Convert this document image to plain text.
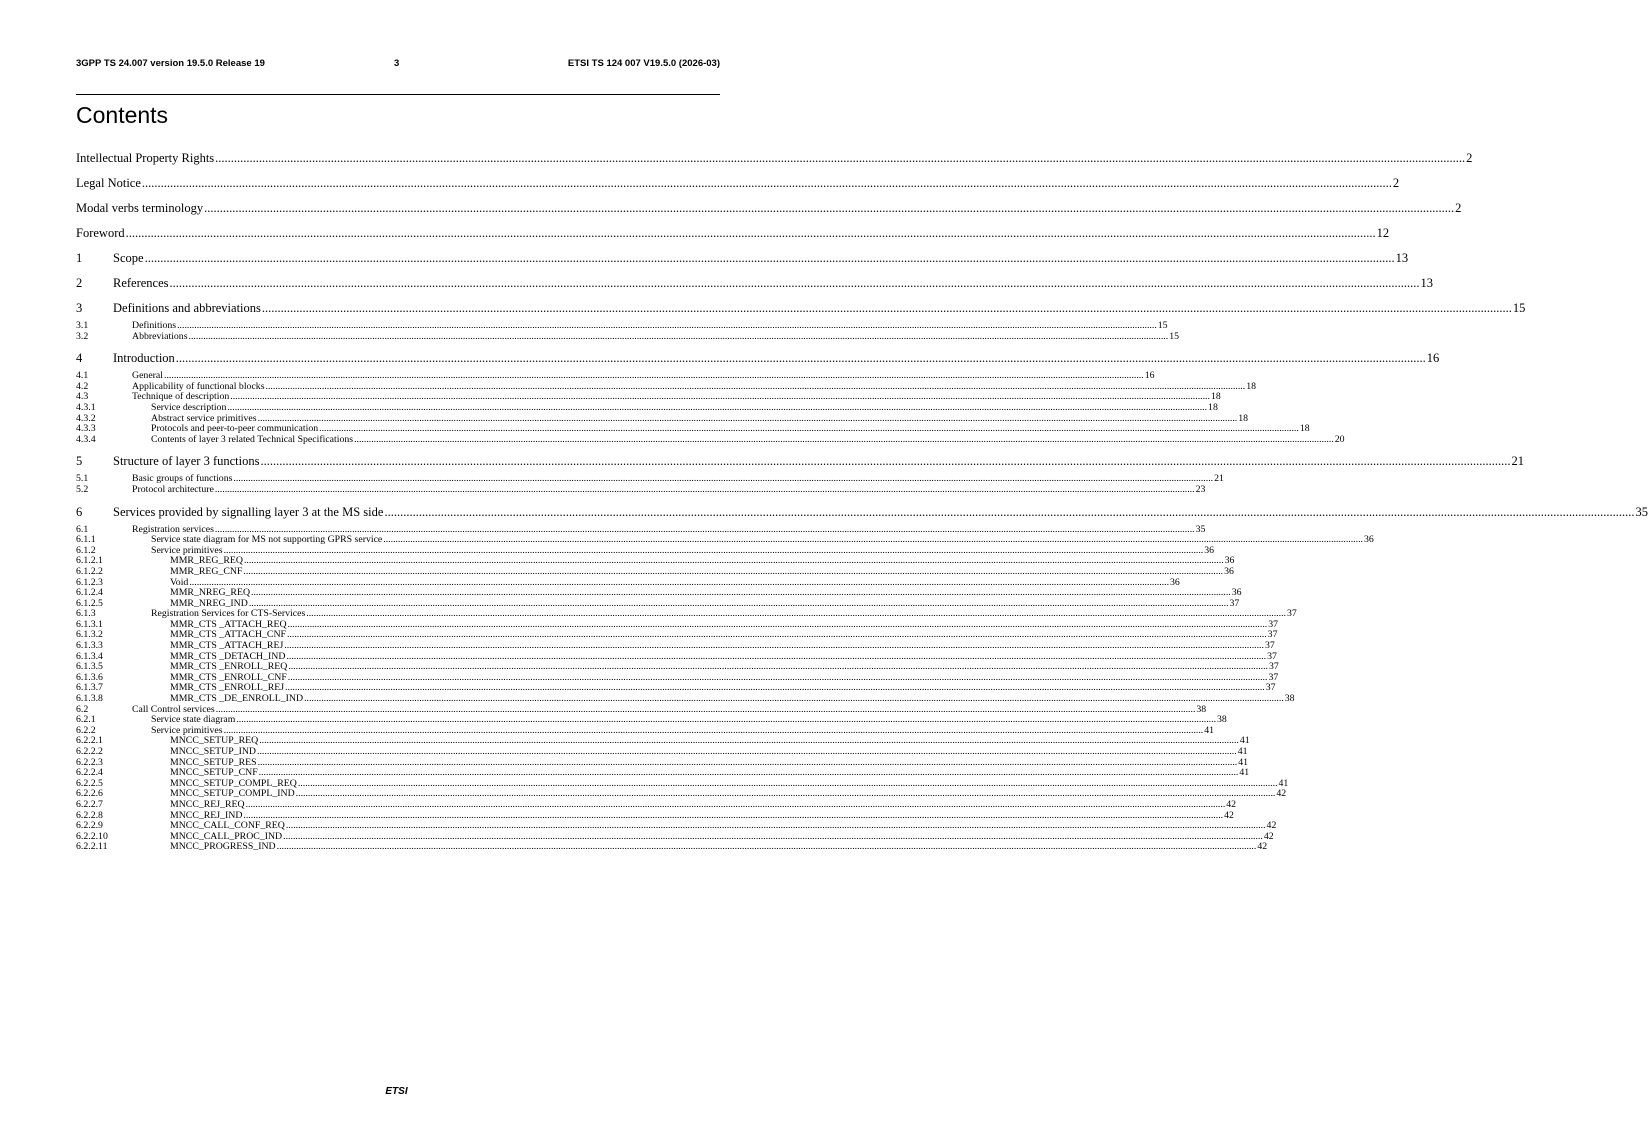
3GPP TS 24.007 version 19.5.0 Release 19	3	ETSI TS 124 007 V19.5.0 (2026-03)
Contents
Intellectual Property Rights ................................................................................................................................................................................................................................................................................................................................................................................................................ 2
Legal Notice ................................................................................................................................................................................................................................................................................................................................................................................................................ 2
Modal verbs terminology ................................................................................................................................................................................................................................................................................................................................................................................................................ 2
Foreword ................................................................................................................................................................................................................................................................................................................................................................................................................ 12
1 Scope ................................................................................................................................................................................................................................................................................................................................................................................................................ 13
2 References ................................................................................................................................................................................................................................................................................................................................................................................................................ 13
3 Definitions and abbreviations ................................................................................................................................................................................................................................................................................................................................................................................................................ 15
3.1	Definitions ................................................................................................................................................................................................................................................................................................................................................................................................................ 15
3.2	Abbreviations ................................................................................................................................................................................................................................................................................................................................................................................................................ 15
4 Introduction ................................................................................................................................................................................................................................................................................................................................................................................................................ 16
4.1	General ................................................................................................................................................................................................................................................................................................................................................................................................................ 16
4.2	Applicability of functional blocks ................................................................................................................................................................................................................................................................................................................................................................................................................ 18
4.3	Technique of description ................................................................................................................................................................................................................................................................................................................................................................................................................ 18
4.3.1	Service description ................................................................................................................................................................................................................................................................................................................................................................................................................ 18
4.3.2	Abstract service primitives ................................................................................................................................................................................................................................................................................................................................................................................................................ 18
4.3.3	Protocols and peer-to-peer communication ................................................................................................................................................................................................................................................................................................................................................................................................................ 18
4.3.4	Contents of layer 3 related Technical Specifications ................................................................................................................................................................................................................................................................................................................................................................................................................ 20
5 Structure of layer 3 functions ................................................................................................................................................................................................................................................................................................................................................................................................................ 21
5.1	Basic groups of functions ................................................................................................................................................................................................................................................................................................................................................................................................................ 21
5.2	Protocol architecture ................................................................................................................................................................................................................................................................................................................................................................................................................ 23
6 Services provided by signalling layer 3 at the MS side ................................................................................................................................................................................................................................................................................................................................................................................................................ 35
6.1	Registration services ................................................................................................................................................................................................................................................................................................................................................................................................................ 35
6.1.1	Service state diagram for MS not supporting GPRS service ................................................................................................................................................................................................................................................................................................................................................................................................................ 36
6.1.2	Service primitives ................................................................................................................................................................................................................................................................................................................................................................................................................ 36
6.1.2.1	MMR_REG_REQ ................................................................................................................................................................................................................................................................................................................................................................................................................ 36
6.1.2.2	MMR_REG_CNF ................................................................................................................................................................................................................................................................................................................................................................................................................ 36
6.1.2.3	Void ................................................................................................................................................................................................................................................................................................................................................................................................................ 36
6.1.2.4	MMR_NREG_REQ ................................................................................................................................................................................................................................................................................................................................................................................................................ 36
6.1.2.5	MMR_NREG_IND ................................................................................................................................................................................................................................................................................................................................................................................................................ 37
6.1.3	Registration Services for CTS-Services ................................................................................................................................................................................................................................................................................................................................................................................................................ 37
6.1.3.1	MMR_CTS _ATTACH_REQ ................................................................................................................................................................................................................................................................................................................................................................................................................ 37
6.1.3.2	MMR_CTS _ATTACH_CNF ................................................................................................................................................................................................................................................................................................................................................................................................................ 37
6.1.3.3	MMR_CTS _ATTACH_REJ ................................................................................................................................................................................................................................................................................................................................................................................................................ 37
6.1.3.4	MMR_CTS _DETACH_IND ................................................................................................................................................................................................................................................................................................................................................................................................................ 37
6.1.3.5	MMR_CTS _ENROLL_REQ ................................................................................................................................................................................................................................................................................................................................................................................................................ 37
6.1.3.6	MMR_CTS _ENROLL_CNF ................................................................................................................................................................................................................................................................................................................................................................................................................ 37
6.1.3.7	MMR_CTS _ENROLL_REJ ................................................................................................................................................................................................................................................................................................................................................................................................................ 37
6.1.3.8	MMR_CTS _DE_ENROLL_IND ................................................................................................................................................................................................................................................................................................................................................................................................................ 38
6.2	Call Control services ................................................................................................................................................................................................................................................................................................................................................................................................................ 38
6.2.1	Service state diagram ................................................................................................................................................................................................................................................................................................................................................................................................................ 38
6.2.2	Service primitives ................................................................................................................................................................................................................................................................................................................................................................................................................ 41
6.2.2.1	MNCC_SETUP_REQ ................................................................................................................................................................................................................................................................................................................................................................................................................ 41
6.2.2.2	MNCC_SETUP_IND ................................................................................................................................................................................................................................................................................................................................................................................................................ 41
6.2.2.3	MNCC_SETUP_RES ................................................................................................................................................................................................................................................................................................................................................................................................................ 41
6.2.2.4	MNCC_SETUP_CNF ................................................................................................................................................................................................................................................................................................................................................................................................................ 41
6.2.2.5	MNCC_SETUP_COMPL_REQ ................................................................................................................................................................................................................................................................................................................................................................................................................ 41
6.2.2.6	MNCC_SETUP_COMPL_IND ................................................................................................................................................................................................................................................................................................................................................................................................................ 42
6.2.2.7	MNCC_REJ_REQ ................................................................................................................................................................................................................................................................................................................................................................................................................ 42
6.2.2.8	MNCC_REJ_IND ................................................................................................................................................................................................................................................................................................................................................................................................................ 42
6.2.2.9	MNCC_CALL_CONF_REQ ................................................................................................................................................................................................................................................................................................................................................................................................................ 42
6.2.2.10	MNCC_CALL_PROC_IND ................................................................................................................................................................................................................................................................................................................................................................................................................ 42
6.2.2.11	MNCC_PROGRESS_IND ................................................................................................................................................................................................................................................................................................................................................................................................................ 42
ETSI
